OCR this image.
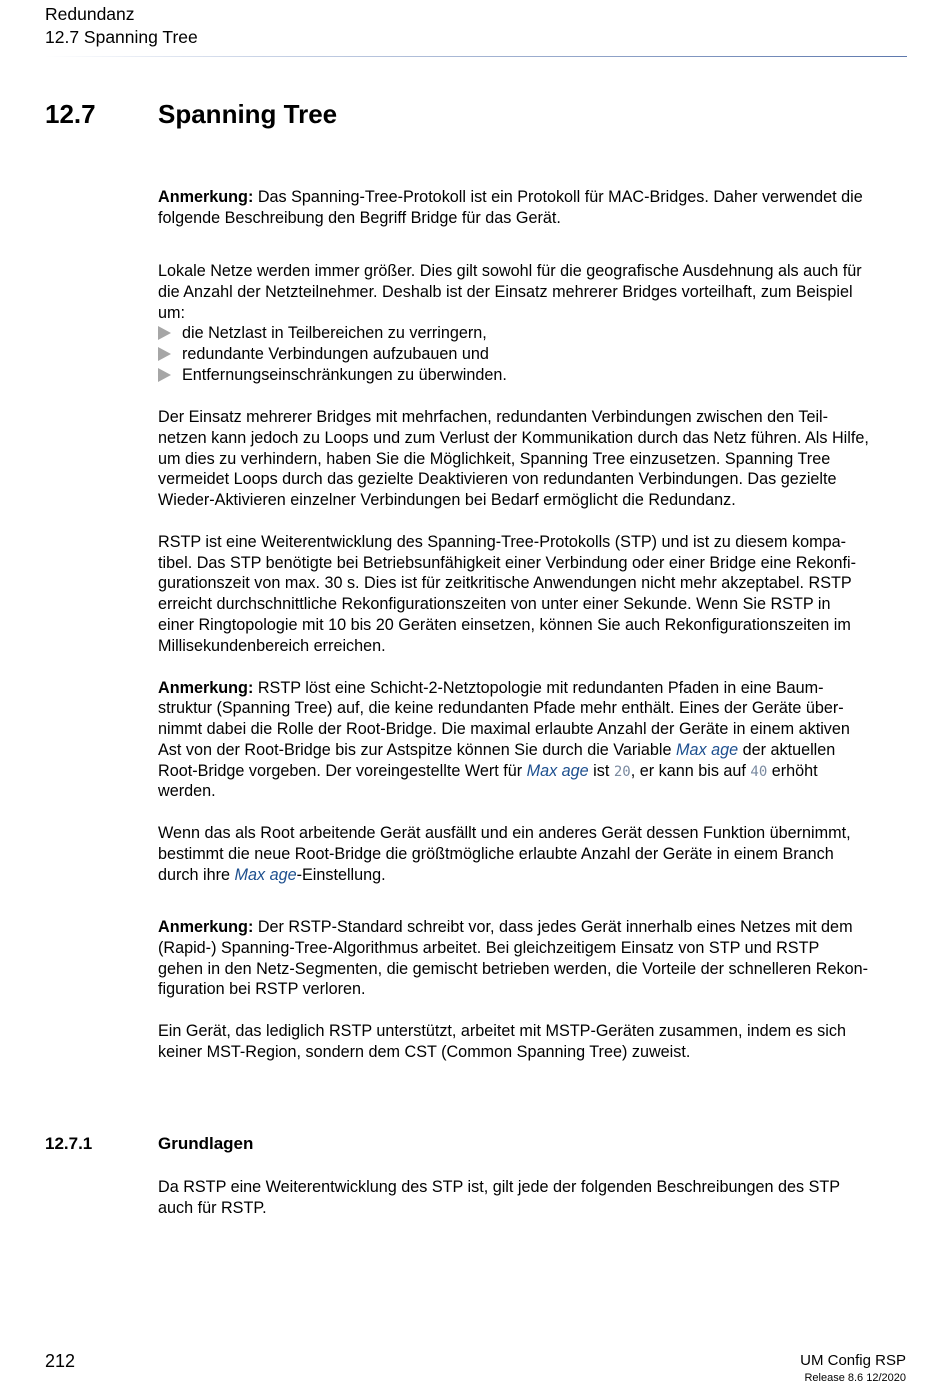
Redundanz
12.7 Spanning Tree
12.7 Spanning Tree
Anmerkung: Das Spanning-Tree-Protokoll ist ein Protokoll für MAC-Bridges. Daher verwendet die
folgende Beschreibung den Begriff Bridge für das Gerät.
Lokale Netze werden immer größer. Dies gilt sowohl für die geografische Ausdehnung als auch für
die Anzahl der Netzteilnehmer. Deshalb ist der Einsatz mehrerer Bridges vorteilhaft, zum Beispiel
um:
die Netzlast in Teilbereichen zu verringern,
redundante Verbindungen aufzubauen und
Entfernungseinschränkungen zu überwinden.
Der Einsatz mehrerer Bridges mit mehrfachen, redundanten Verbindungen zwischen den Teil-
netzen kann jedoch zu Loops und zum Verlust der Kommunikation durch das Netz führen. Als Hilfe,
um dies zu verhindern, haben Sie die Möglichkeit, Spanning Tree einzusetzen. Spanning Tree
vermeidet Loops durch das gezielte Deaktivieren von redundanten Verbindungen. Das gezielte
Wieder-Aktivieren einzelner Verbindungen bei Bedarf ermöglicht die Redundanz.
RSTP ist eine Weiterentwicklung des Spanning-Tree-Protokolls (STP) und ist zu diesem kompa-
tibel. Das STP benötigte bei Betriebsunfähigkeit einer Verbindung oder einer Bridge eine Rekonfi-
gurationszeit von max. 30 s. Dies ist für zeitkritische Anwendungen nicht mehr akzeptabel. RSTP
erreicht durchschnittliche Rekonfigurationszeiten von unter einer Sekunde. Wenn Sie RSTP in
einer Ringtopologie mit 10 bis 20 Geräten einsetzen, können Sie auch Rekonfigurationszeiten im
Millisekundenbereich erreichen.
Anmerkung: RSTP löst eine Schicht-2-Netztopologie mit redundanten Pfaden in eine Baum-
struktur (Spanning Tree) auf, die keine redundanten Pfade mehr enthält. Eines der Geräte über-
nimmt dabei die Rolle der Root-Bridge. Die maximal erlaubte Anzahl der Geräte in einem aktiven
Ast von der Root-Bridge bis zur Astspitze können Sie durch die Variable Max age der aktuellen
Root-Bridge vorgeben. Der voreingestellte Wert für Max age ist 20, er kann bis auf 40 erhöht
werden.
Wenn das als Root arbeitende Gerät ausfällt und ein anderes Gerät dessen Funktion übernimmt,
bestimmt die neue Root-Bridge die größtmögliche erlaubte Anzahl der Geräte in einem Branch
durch ihre Max age-Einstellung.
Anmerkung: Der RSTP-Standard schreibt vor, dass jedes Gerät innerhalb eines Netzes mit dem
(Rapid-) Spanning-Tree-Algorithmus arbeitet. Bei gleichzeitigem Einsatz von STP und RSTP
gehen in den Netz-Segmenten, die gemischt betrieben werden, die Vorteile der schnelleren Rekon-
figuration bei RSTP verloren.
Ein Gerät, das lediglich RSTP unterstützt, arbeitet mit MSTP-Geräten zusammen, indem es sich
keiner MST-Region, sondern dem CST (Common Spanning Tree) zuweist.
12.7.1	Grundlagen
Da RSTP eine Weiterentwicklung des STP ist, gilt jede der folgenden Beschreibungen des STP
auch für RSTP.
212	UM Config RSP
Release 8.6 12/2020
